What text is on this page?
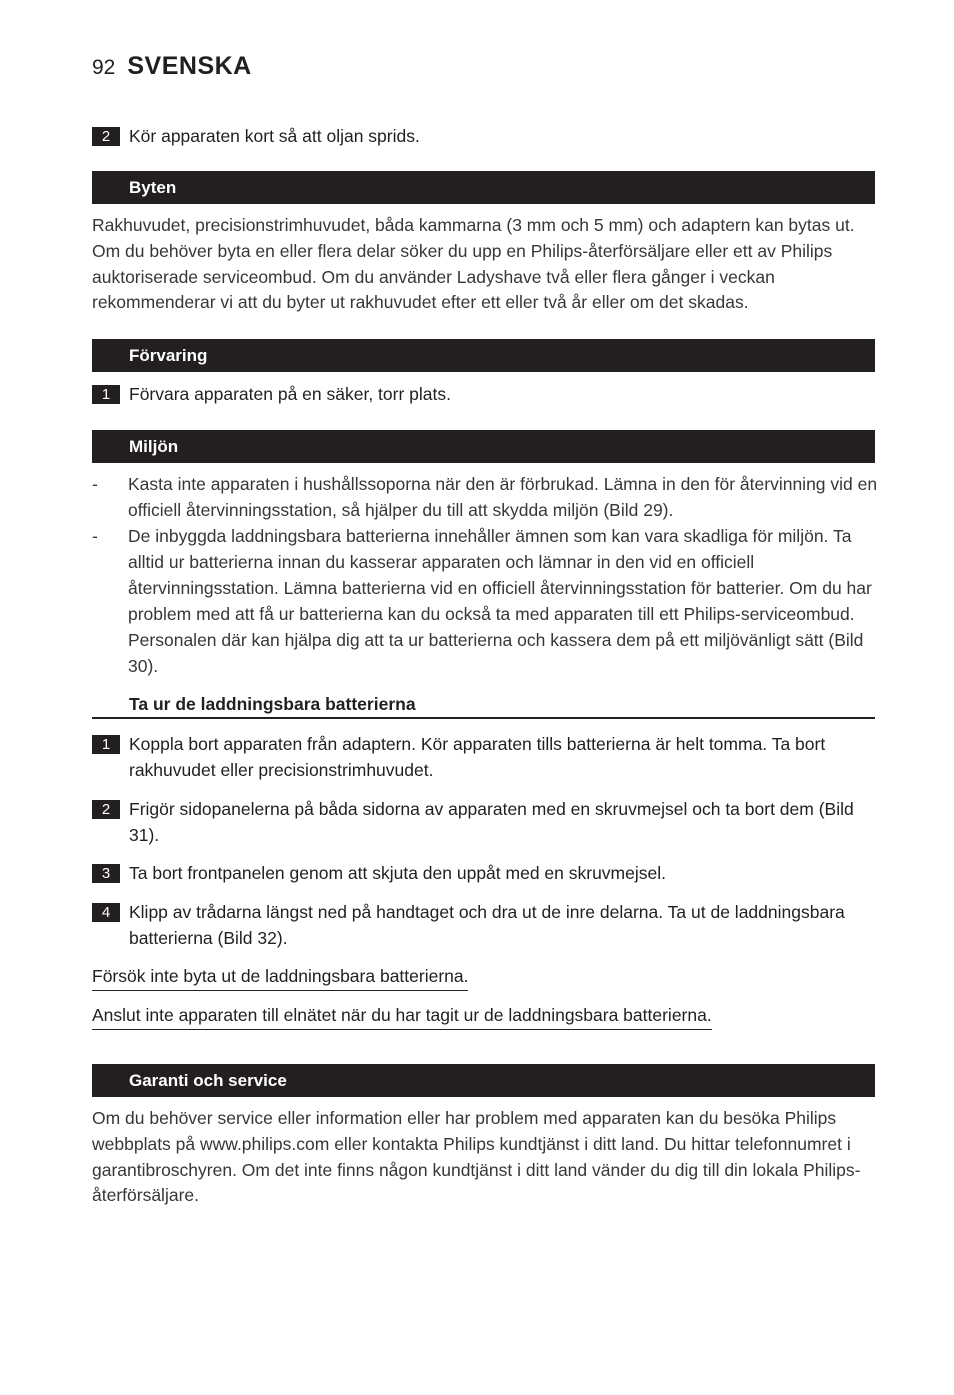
92 SVENSKA
2	Kör apparaten kort så att oljan sprids.
Byten
Rakhuvudet, precisionstrimhuvudet, båda kammarna (3 mm och 5 mm) och adaptern kan bytas ut. Om du behöver byta en eller flera delar söker du upp en Philips-återförsäljare eller ett av Philips auktoriserade serviceombud. Om du använder Ladyshave två eller flera gånger i veckan rekommenderar vi att du byter ut rakhuvudet efter ett eller två år eller om det skadas.
Förvaring
1	Förvara apparaten på en säker, torr plats.
Miljön
-	Kasta inte apparaten i hushållssoporna när den är förbrukad. Lämna in den för återvinning vid en officiell återvinningsstation, så hjälper du till att skydda miljön (Bild 29).
-	De inbyggda laddningsbara batterierna innehåller ämnen som kan vara skadliga för miljön. Ta alltid ur batterierna innan du kasserar apparaten och lämnar in den vid en officiell återvinningsstation. Lämna batterierna vid en officiell återvinningsstation för batterier. Om du har problem med att få ur batterierna kan du också ta med apparaten till ett Philips-serviceombud. Personalen där kan hjälpa dig att ta ur batterierna och kassera dem på ett miljövänligt sätt (Bild 30).
Ta ur de laddningsbara batterierna
1	Koppla bort apparaten från adaptern. Kör apparaten tills batterierna är helt tomma. Ta bort rakhuvudet eller precisionstrimhuvudet.
2	Frigör sidopanelerna på båda sidorna av apparaten med en skruvmejsel och ta bort dem (Bild 31).
3	Ta bort frontpanelen genom att skjuta den uppåt med en skruvmejsel.
4	Klipp av trådarna längst ned på handtaget och dra ut de inre delarna. Ta ut de laddningsbara batterierna (Bild 32).
Försök inte byta ut de laddningsbara batterierna.
Anslut inte apparaten till elnätet när du har tagit ur de laddningsbara batterierna.
Garanti och service
Om du behöver service eller information eller har problem med apparaten kan du besöka Philips webbplats på www.philips.com eller kontakta Philips kundtjänst i ditt land. Du hittar telefonnumret i garantibroschyren. Om det inte finns någon kundtjänst i ditt land vänder du dig till din lokala Philips-återförsäljare.
